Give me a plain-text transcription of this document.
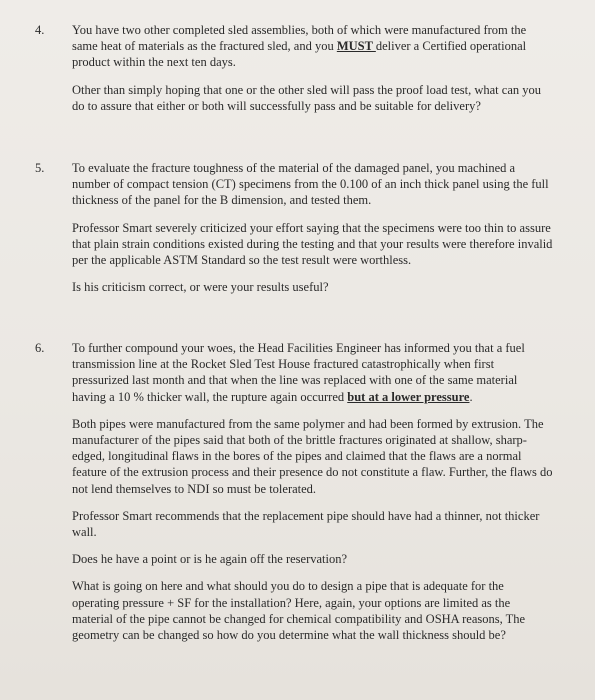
4. You have two other completed sled assemblies, both of which were manufactured from the same heat of materials as the fractured sled, and you MUST deliver a Certified operational product within the next ten days.

Other than simply hoping that one or the other sled will pass the proof load test, what can you do to assure that either or both will successfully pass and be suitable for delivery?

5. To evaluate the fracture toughness of the material of the damaged panel, you machined a number of compact tension (CT) specimens from the 0.100 of an inch thick panel using the full thickness of the panel for the B dimension, and tested them.

Professor Smart severely criticized your effort saying that the specimens were too thin to assure that plain strain conditions existed during the testing and that your results were therefore invalid per the applicable ASTM Standard so the test result were worthless.

Is his criticism correct, or were your results useful?

6. To further compound your woes, the Head Facilities Engineer has informed you that a fuel transmission line at the Rocket Sled Test House fractured catastrophically when first pressurized last month and that when the line was replaced with one of the same material having a 10 % thicker wall, the rupture again occurred but at a lower pressure.

Both pipes were manufactured from the same polymer and had been formed by extrusion. The manufacturer of the pipes said that both of the brittle fractures originated at shallow, sharp-edged, longitudinal flaws in the bores of the pipes and claimed that the flaws are a normal feature of the extrusion process and their presence do not constitute a flaw. Further, the flaws do not lend themselves to NDI so must be tolerated.

Professor Smart recommends that the replacement pipe should have had a thinner, not thicker wall.

Does he have a point or is he again off the reservation?

What is going on here and what should you do to design a pipe that is adequate for the operating pressure + SF for the installation? Here, again, your options are limited as the material of the pipe cannot be changed for chemical compatibility and OSHA reasons, The geometry can be changed so how do you determine what the wall thickness should be?
